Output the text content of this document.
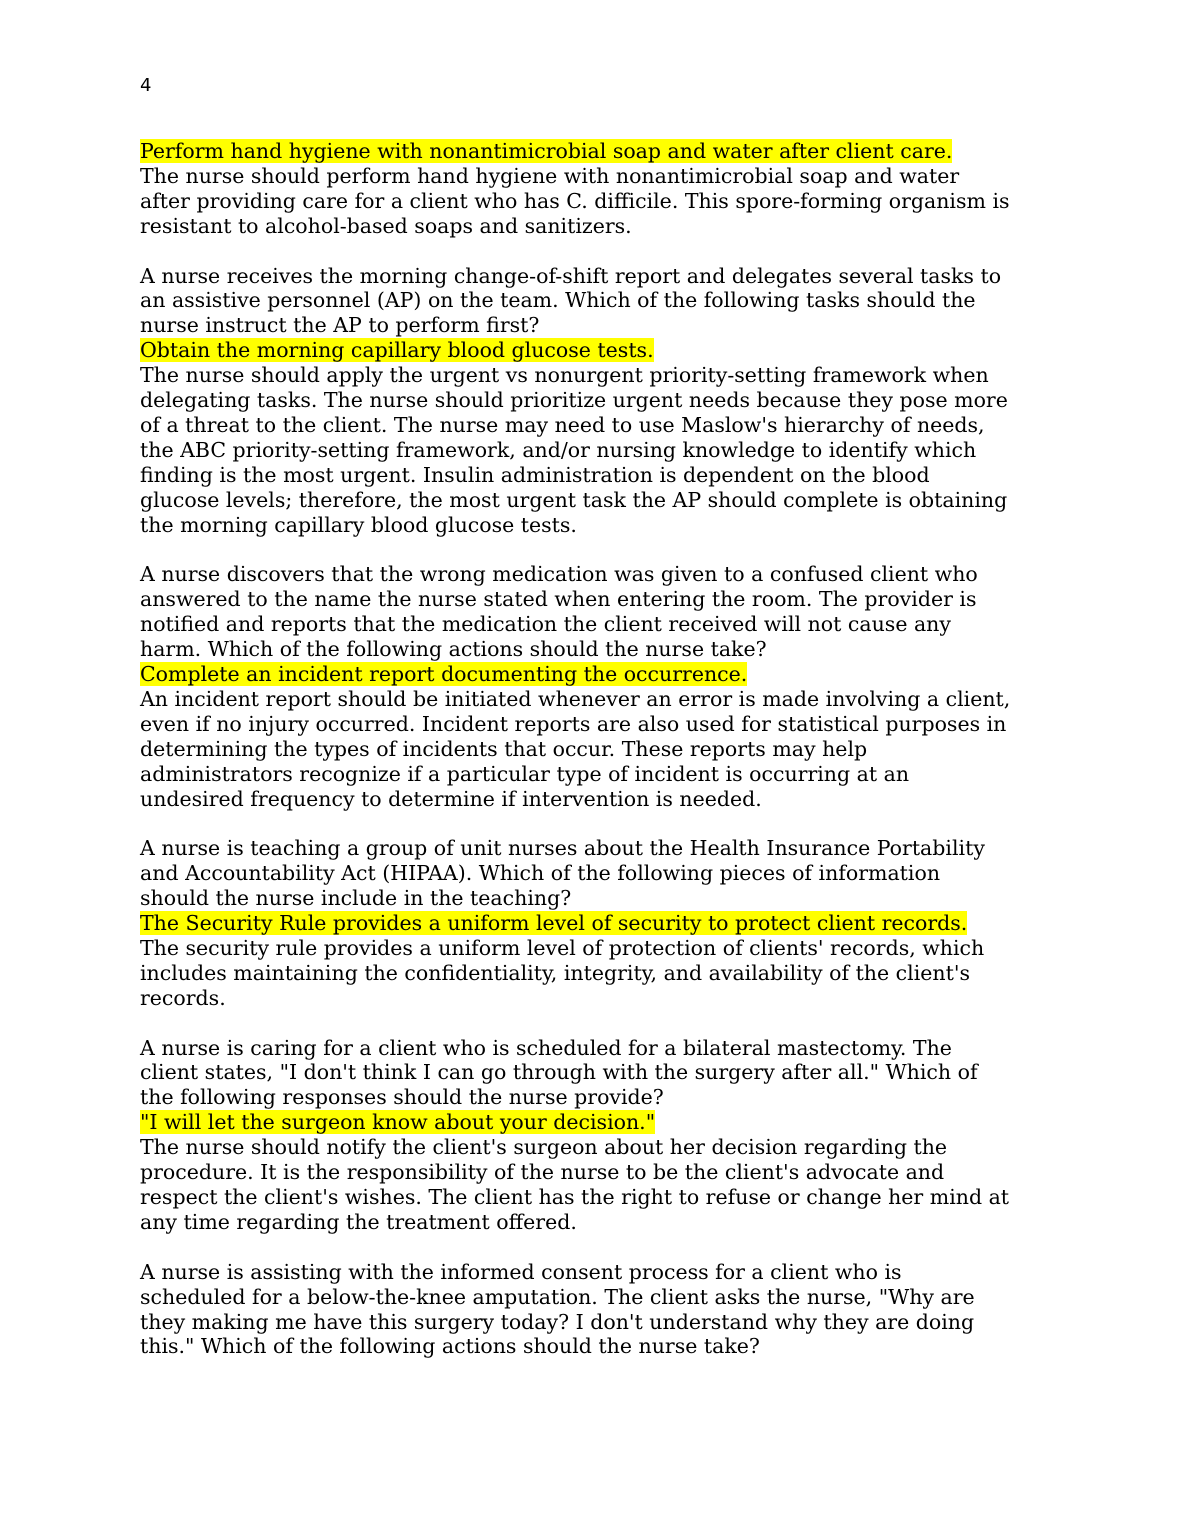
4
Perform hand hygiene with nonantimicrobial soap and water after client care.
The nurse should perform hand hygiene with nonantimicrobial soap and water
after providing care for a client who has C. difficile. This spore-forming organism is
resistant to alcohol-based soaps and sanitizers.
A nurse receives the morning change-of-shift report and delegates several tasks to
an assistive personnel (AP) on the team. Which of the following tasks should the
nurse instruct the AP to perform first?
Obtain the morning capillary blood glucose tests.
The nurse should apply the urgent vs nonurgent priority-setting framework when
delegating tasks. The nurse should prioritize urgent needs because they pose more
of a threat to the client. The nurse may need to use Maslow's hierarchy of needs,
the ABC priority-setting framework, and/or nursing knowledge to identify which
finding is the most urgent. Insulin administration is dependent on the blood
glucose levels; therefore, the most urgent task the AP should complete is obtaining
the morning capillary blood glucose tests.
A nurse discovers that the wrong medication was given to a confused client who
answered to the name the nurse stated when entering the room. The provider is
notified and reports that the medication the client received will not cause any
harm. Which of the following actions should the nurse take?
Complete an incident report documenting the occurrence.
An incident report should be initiated whenever an error is made involving a client,
even if no injury occurred. Incident reports are also used for statistical purposes in
determining the types of incidents that occur. These reports may help
administrators recognize if a particular type of incident is occurring at an
undesired frequency to determine if intervention is needed.
A nurse is teaching a group of unit nurses about the Health Insurance Portability
and Accountability Act (HIPAA). Which of the following pieces of information
should the nurse include in the teaching?
The Security Rule provides a uniform level of security to protect client records.
The security rule provides a uniform level of protection of clients' records, which
includes maintaining the confidentiality, integrity, and availability of the client's
records.
A nurse is caring for a client who is scheduled for a bilateral mastectomy. The
client states, "I don't think I can go through with the surgery after all." Which of
the following responses should the nurse provide?
"I will let the surgeon know about your decision."
The nurse should notify the client's surgeon about her decision regarding the
procedure. It is the responsibility of the nurse to be the client's advocate and
respect the client's wishes. The client has the right to refuse or change her mind at
any time regarding the treatment offered.
A nurse is assisting with the informed consent process for a client who is
scheduled for a below-the-knee amputation. The client asks the nurse, "Why are
they making me have this surgery today? I don't understand why they are doing
this." Which of the following actions should the nurse take?
